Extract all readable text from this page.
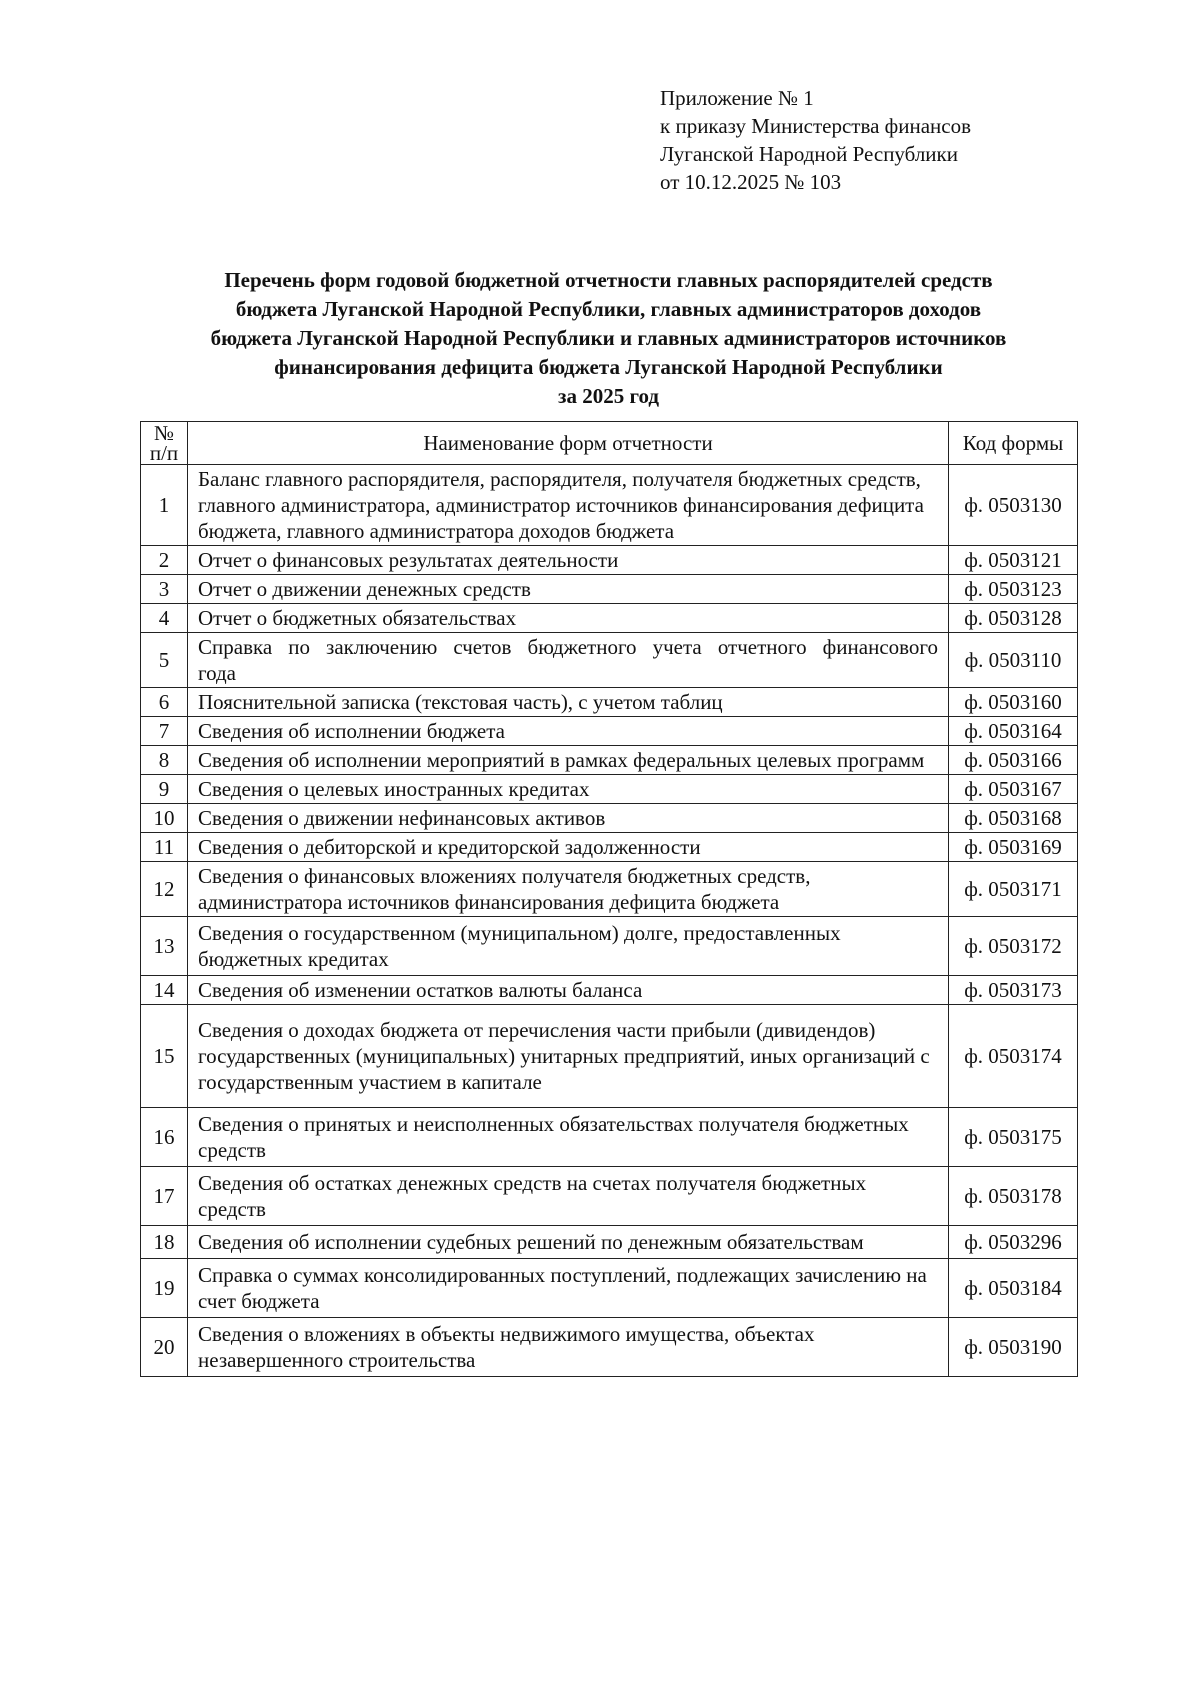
Приложение № 1
к приказу Министерства финансов
Луганской Народной Республики
от 10.12.2025 № 103
Перечень форм годовой бюджетной отчетности главных распорядителей средств
бюджета Луганской Народной Республики, главных администраторов доходов
бюджета Луганской Народной Республики и главных администраторов источников
финансирования дефицита бюджета Луганской Народной Республики
за 2025 год
№ п/п	Наименование форм отчетности	Код формы
1	Баланс главного распорядителя, распорядителя, получателя бюджетных средств, главного администратора, администратор источников финансирования дефицита бюджета, главного администратора доходов бюджета	ф. 0503130
2	Отчет о финансовых результатах деятельности	ф. 0503121
3	Отчет о движении денежных средств	ф. 0503123
4	Отчет о бюджетных обязательствах	ф. 0503128
5	Справка по заключению счетов бюджетного учета отчетного финансового года	ф. 0503110
6	Пояснительной записка (текстовая часть), с учетом таблиц	ф. 0503160
7	Сведения об исполнении бюджета	ф. 0503164
8	Сведения об исполнении мероприятий в рамках федеральных целевых программ	ф. 0503166
9	Сведения о целевых иностранных кредитах	ф. 0503167
10	Сведения о движении нефинансовых активов	ф. 0503168
11	Сведения о дебиторской и кредиторской задолженности	ф. 0503169
12	Сведения о финансовых вложениях получателя бюджетных средств, администратора источников финансирования дефицита бюджета	ф. 0503171
13	Сведения о государственном (муниципальном) долге, предоставленных бюджетных кредитах	ф. 0503172
14	Сведения об изменении остатков валюты баланса	ф. 0503173
15	Сведения о доходах бюджета от перечисления части прибыли (дивидендов) государственных (муниципальных) унитарных предприятий, иных организаций с государственным участием в капитале	ф. 0503174
16	Сведения о принятых и неисполненных обязательствах получателя бюджетных средств	ф. 0503175
17	Сведения об остатках денежных средств на счетах получателя бюджетных средств	ф. 0503178
18	Сведения об исполнении судебных решений по денежным обязательствам	ф. 0503296
19	Справка о суммах консолидированных поступлений, подлежащих зачислению на счет бюджета	ф. 0503184
20	Сведения о вложениях в объекты недвижимого имущества, объектах незавершенного строительства	ф. 0503190
